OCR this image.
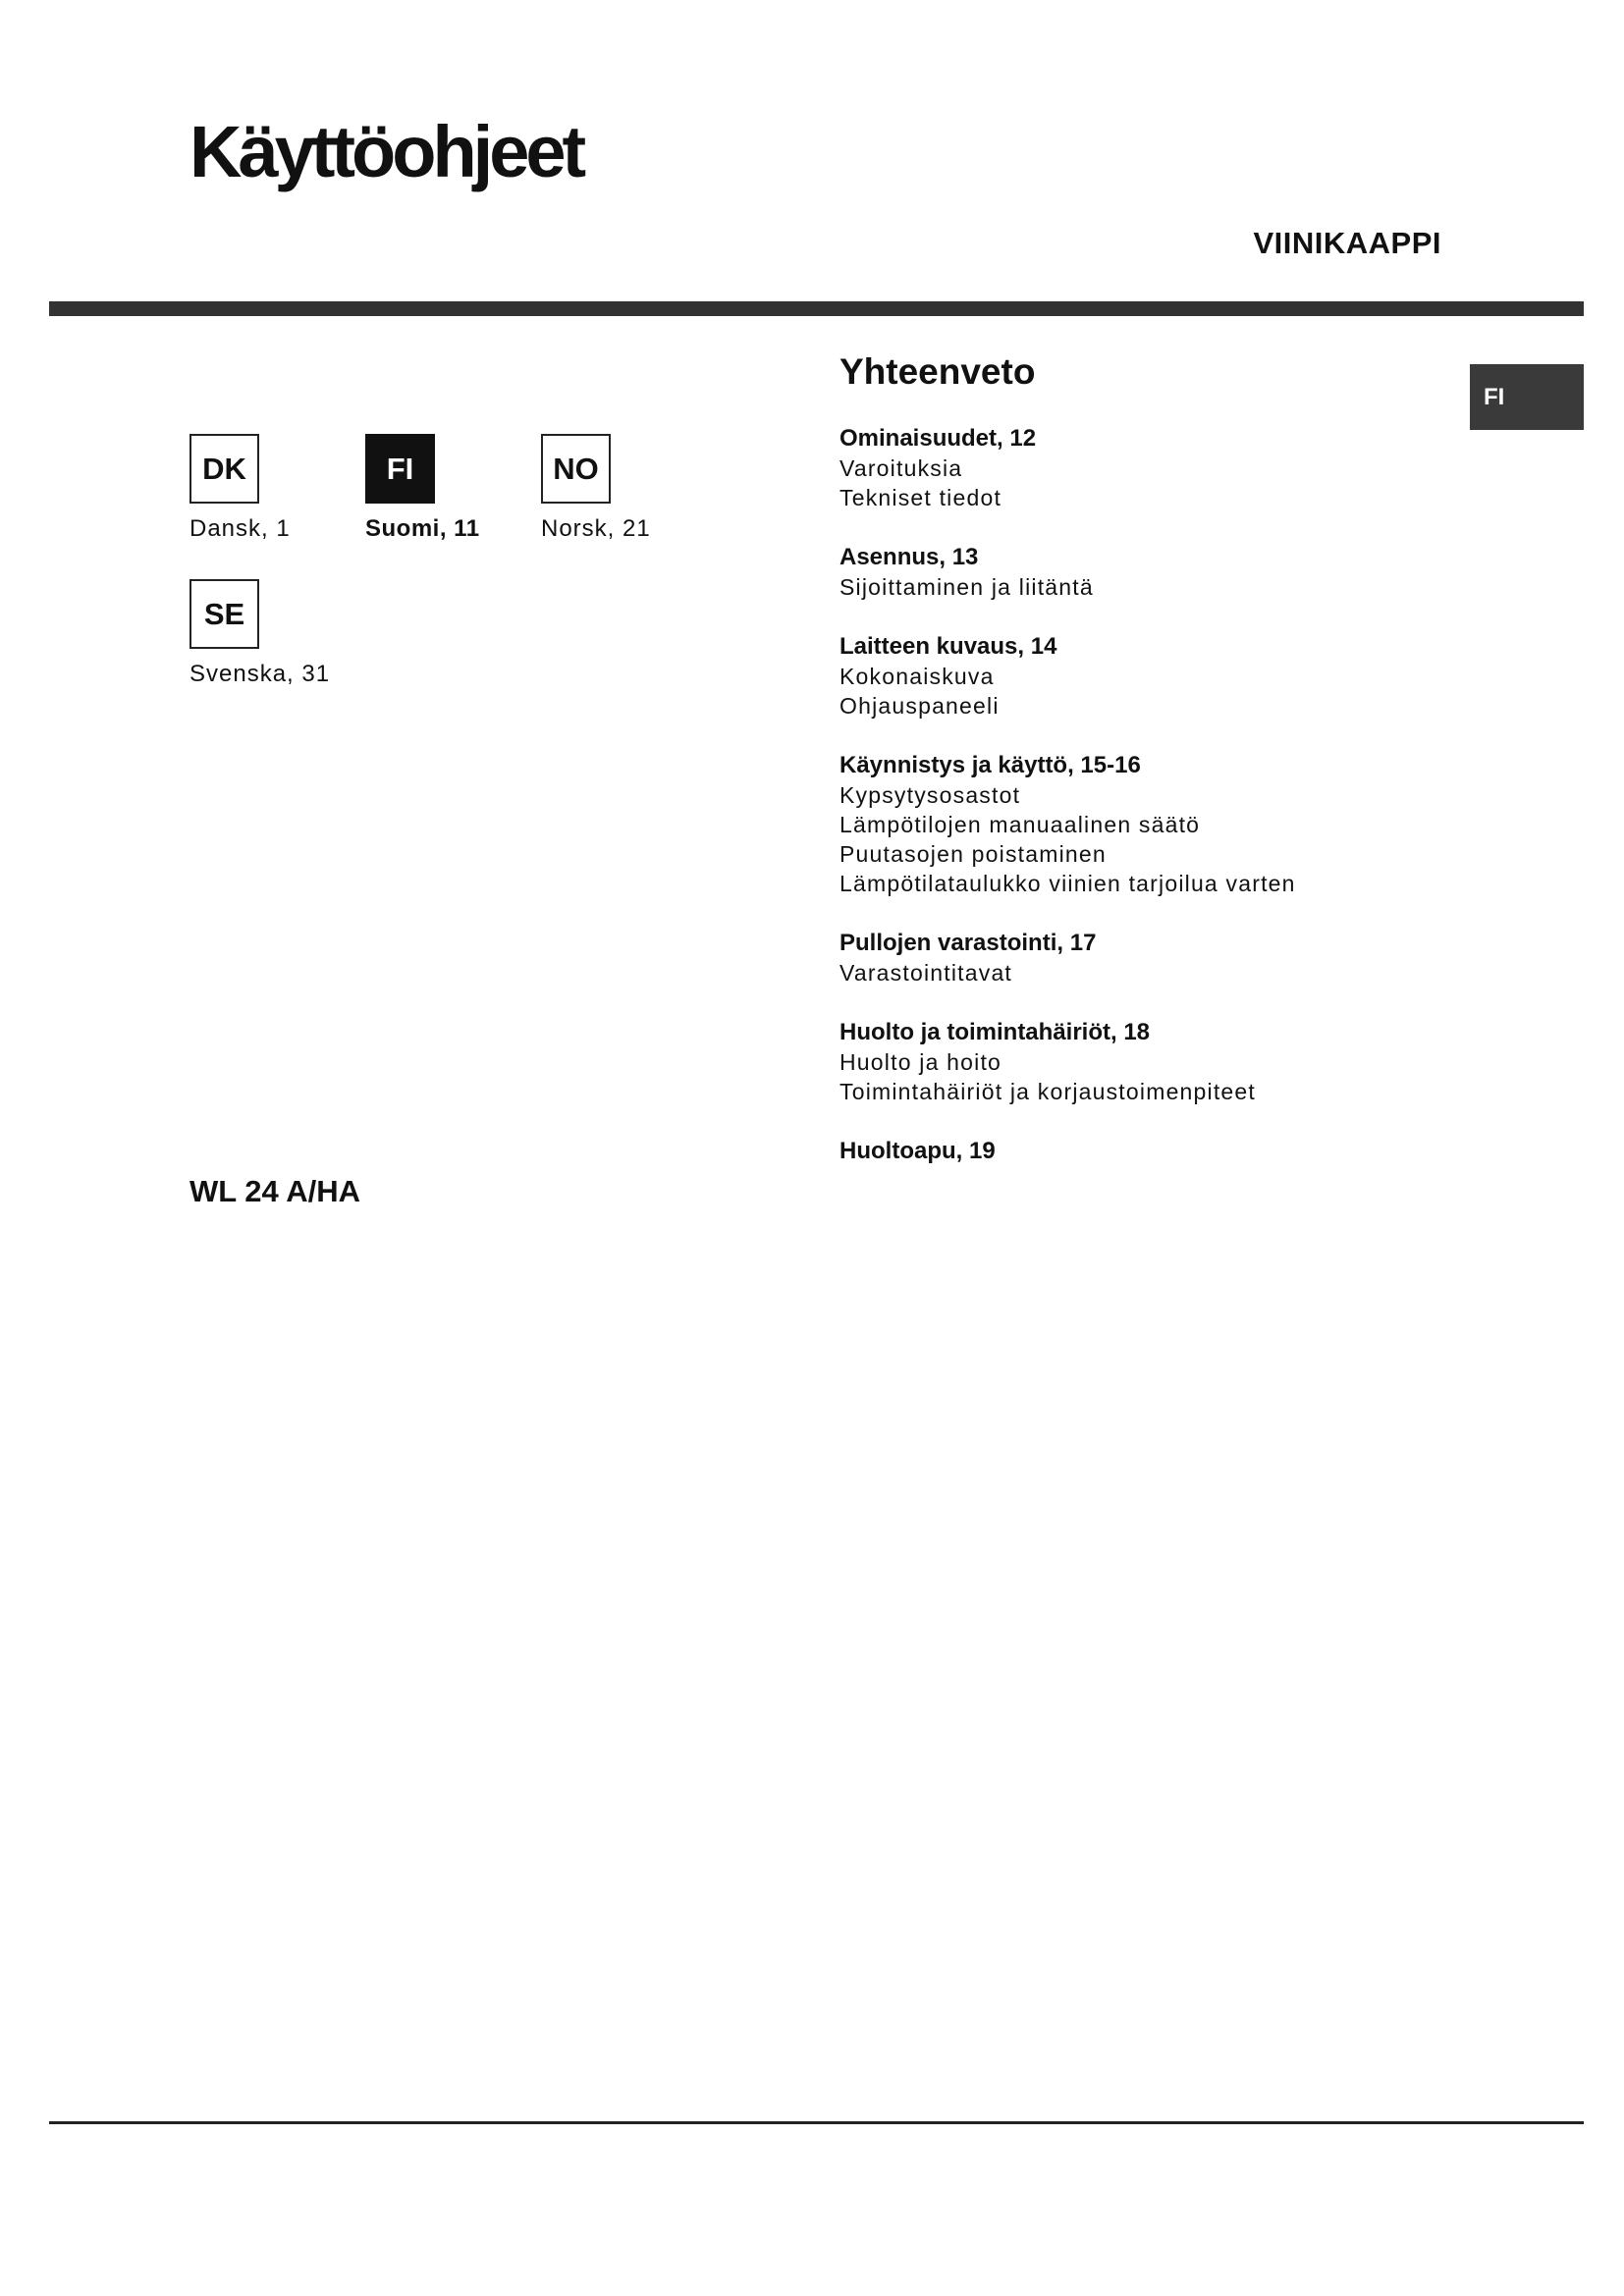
Käyttöohjeet
VIINIKAAPPI
FI
DK
Dansk, 1
FI
Suomi, 11
NO
Norsk, 21
SE
Svenska, 31
WL 24 A/HA
Yhteenveto
Ominaisuudet, 12
Varoituksia
Tekniset tiedot
Asennus, 13
Sijoittaminen ja liitäntä
Laitteen kuvaus, 14
Kokonaiskuva
Ohjauspaneeli
Käynnistys ja käyttö, 15-16
Kypsytysosastot
Lämpötilojen manuaalinen säätö
Puutasojen poistaminen
Lämpötilataulukko viinien tarjoilua varten
Pullojen varastointi, 17
Varastointitavat
Huolto ja toimintahäiriöt, 18
Huolto ja hoito
Toimintahäiriöt ja korjaustoimenpiteet
Huoltoapu, 19
